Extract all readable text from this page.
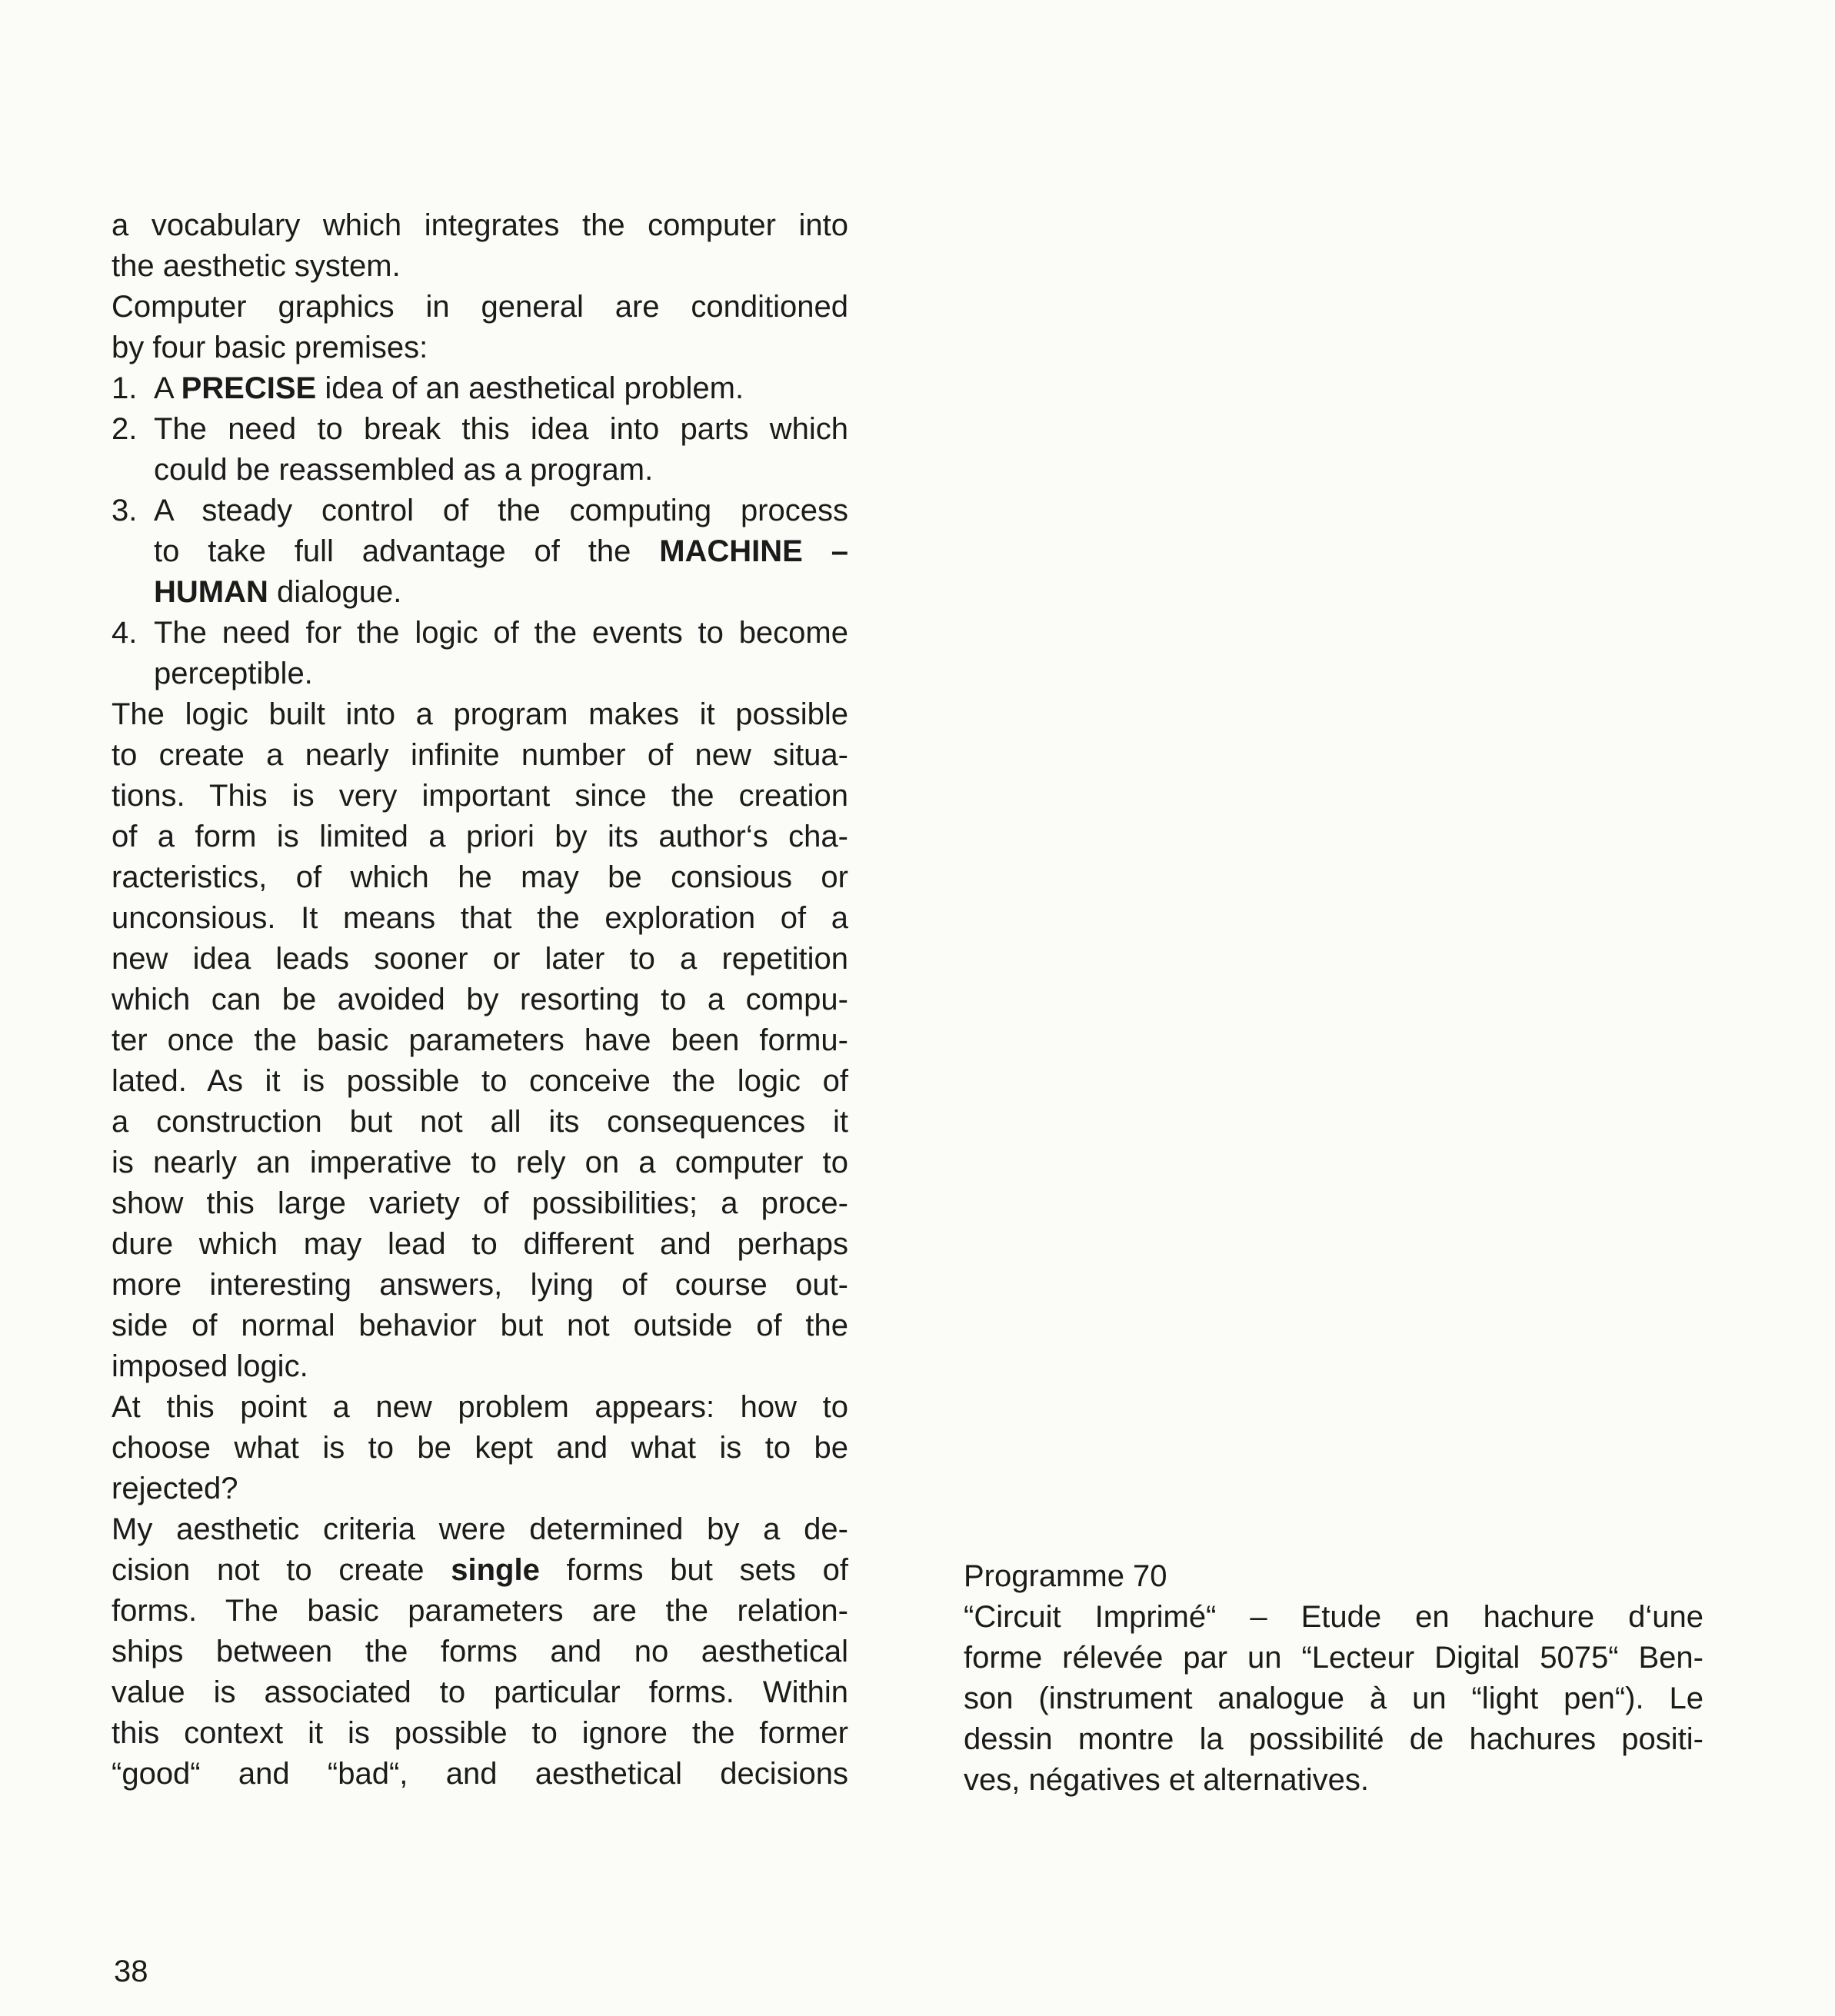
a vocabulary which integrates the computer into
the aesthetic system.
Computer graphics in general are conditioned
by four basic premises:
1. A PRECISE idea of an aesthetical problem.
2. The need to break this idea into parts which
could be reassembled as a program.
3. A steady control of the computing process
to take full advantage of the MACHINE –
HUMAN dialogue.
4. The need for the logic of the events to become
perceptible.
The logic built into a program makes it possible
to create a nearly infinite number of new situa-
tions. This is very important since the creation
of a form is limited a priori by its author‘s cha-
racteristics, of which he may be consious or
unconsious. It means that the exploration of a
new idea leads sooner or later to a repetition
which can be avoided by resorting to a compu-
ter once the basic parameters have been formu-
lated. As it is possible to conceive the logic of
a construction but not all its consequences it
is nearly an imperative to rely on a computer to
show this large variety of possibilities; a proce-
dure which may lead to different and perhaps
more interesting answers, lying of course out-
side of normal behavior but not outside of the
imposed logic.
At this point a new problem appears: how to
choose what is to be kept and what is to be
rejected?
My aesthetic criteria were determined by a de-
cision not to create single forms but sets of
forms. The basic parameters are the relation-
ships between the forms and no aesthetical
value is associated to particular forms. Within
this context it is possible to ignore the former
“good“ and “bad“, and aesthetical decisions
Programme 70
“Circuit Imprimé“ – Etude en hachure d‘une
forme rélevée par un “Lecteur Digital 5075“ Ben-
son (instrument analogue à un “light pen“). Le
dessin montre la possibilité de hachures positi-
ves, négatives et alternatives.
38
